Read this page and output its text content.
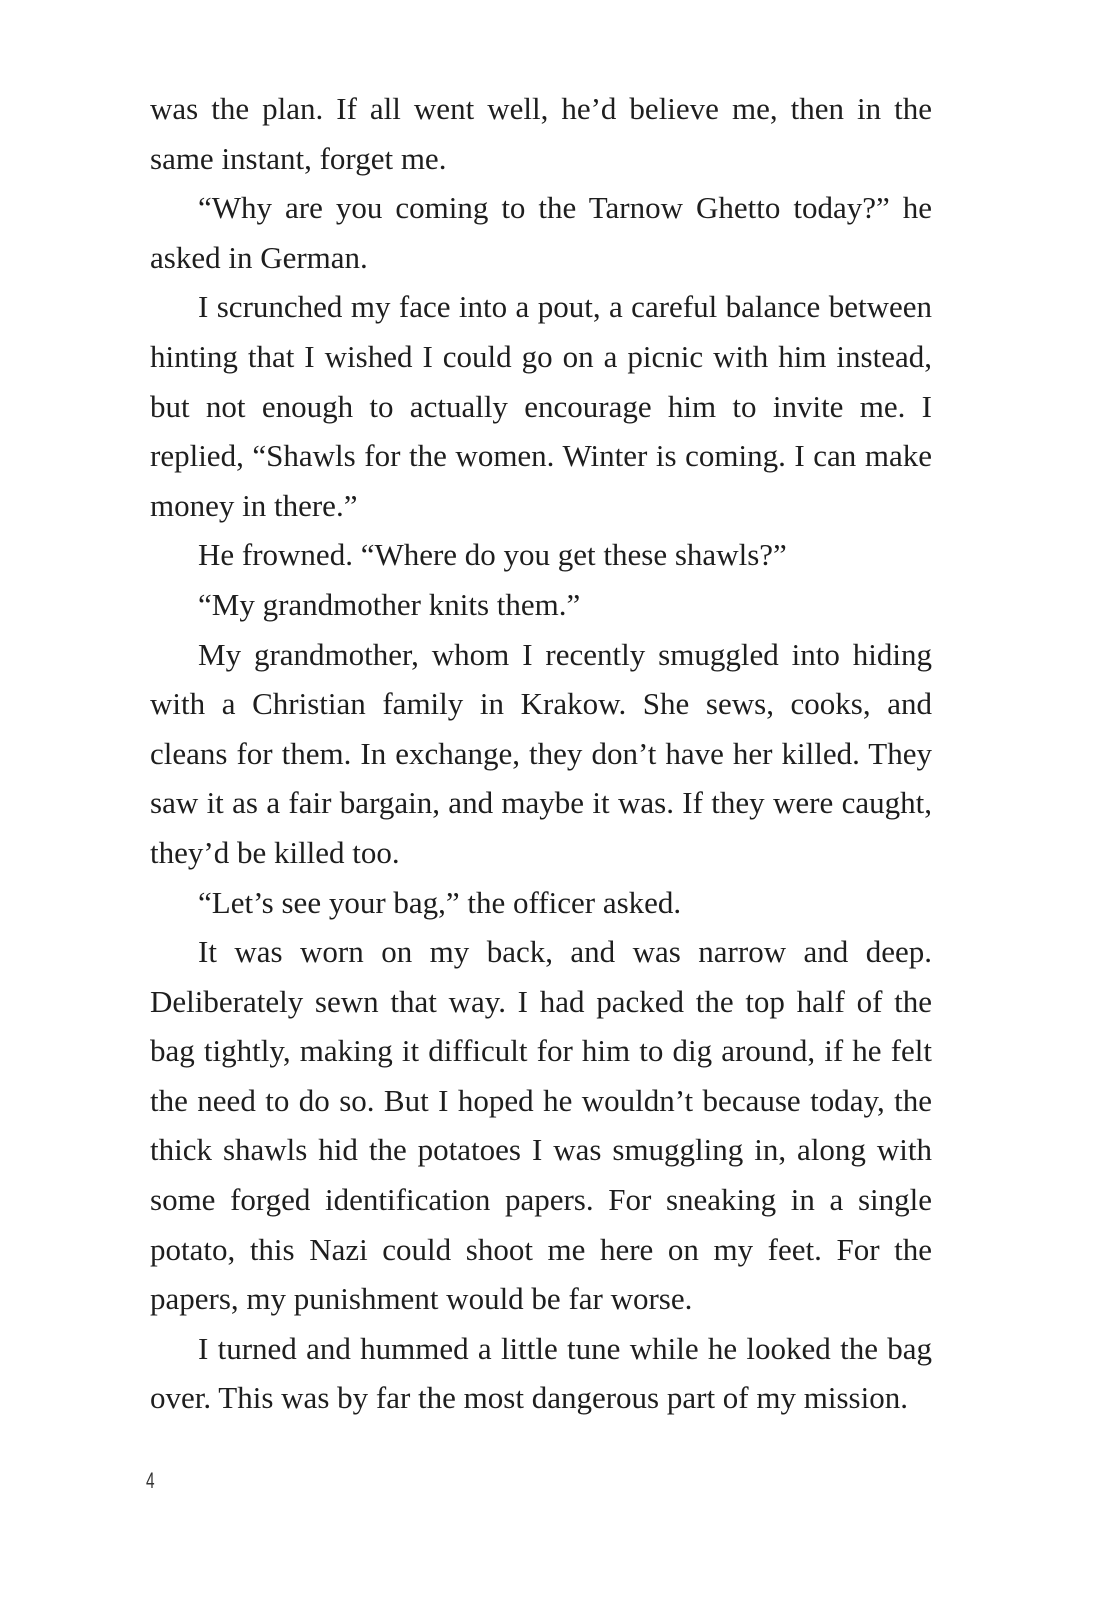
was the plan. If all went well, he’d believe me, then in the same instant, forget me.

“Why are you coming to the Tarnow Ghetto today?” he asked in German.

I scrunched my face into a pout, a careful balance between hinting that I wished I could go on a picnic with him instead, but not enough to actually encourage him to invite me. I replied, “Shawls for the women. Winter is coming. I can make money in there.”

He frowned. “Where do you get these shawls?”

“My grandmother knits them.”

My grandmother, whom I recently smuggled into hiding with a Christian family in Krakow. She sews, cooks, and cleans for them. In exchange, they don’t have her killed. They saw it as a fair bargain, and maybe it was. If they were caught, they’d be killed too.

“Let’s see your bag,” the officer asked.

It was worn on my back, and was narrow and deep. Deliberately sewn that way. I had packed the top half of the bag tightly, making it difficult for him to dig around, if he felt the need to do so. But I hoped he wouldn’t because today, the thick shawls hid the potatoes I was smuggling in, along with some forged identification papers. For sneaking in a single potato, this Nazi could shoot me here on my feet. For the papers, my punishment would be far worse.

I turned and hummed a little tune while he looked the bag over. This was by far the most dangerous part of my mission.

4
